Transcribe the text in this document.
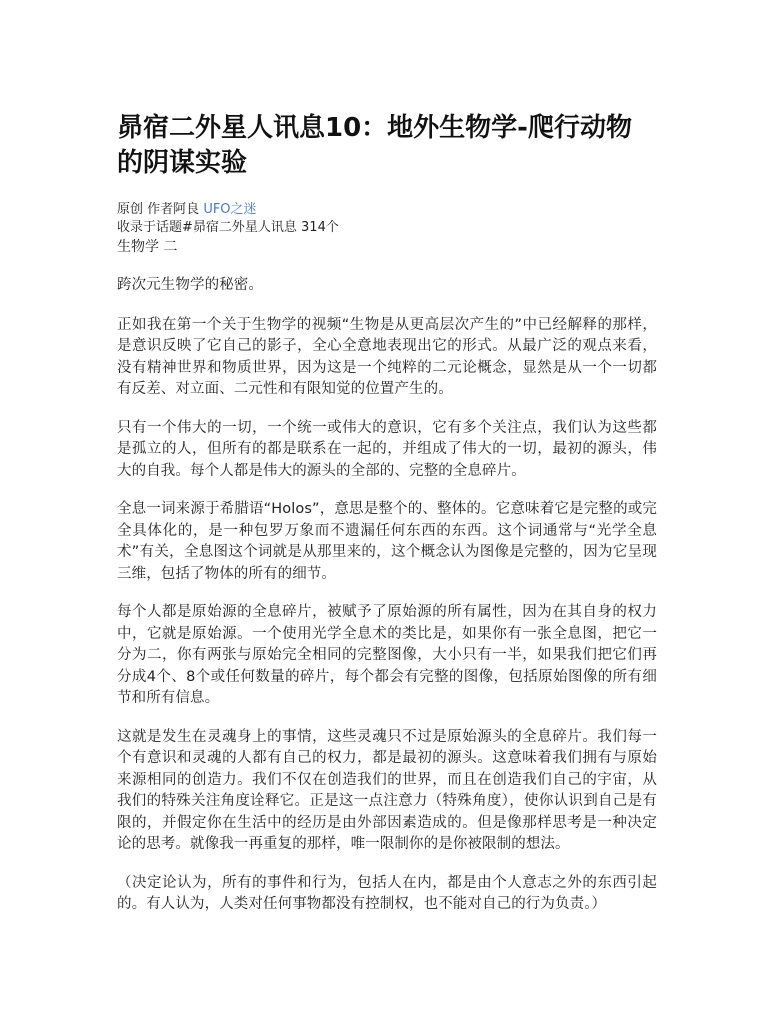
昴宿二外星人讯息10：地外生物学-爬行动物的阴谋实验
原创 作者阿良 UFO之迷
收录于话题#昴宿二外星人讯息 314个
生物学 二

跨次元生物学的秘密。

正如我在第一个关于生物学的视频“生物是从更高层次产生的”中已经解释的那样，是意识反映了它自己的影子，全心全意地表现出它的形式。从最广泛的观点来看，没有精神世界和物质世界，因为这是一个纯粹的二元论概念，显然是从一个一切都有反差、对立面、二元性和有限知觉的位置产生的。

只有一个伟大的一切，一个统一或伟大的意识，它有多个关注点，我们认为这些都是孤立的人，但所有的都是联系在一起的，并组成了伟大的一切，最初的源头，伟大的自我。每个人都是伟大的源头的全部的、完整的全息碎片。

全息一词来源于希腊语“Holos”，意思是整个的、整体的。它意味着它是完整的或完全具体化的，是一种包罗万象而不遗漏任何东西的东西。这个词通常与“光学全息术”有关，全息图这个词就是从那里来的，这个概念认为图像是完整的，因为它呈现三维，包括了物体的所有的细节。

每个人都是原始源的全息碎片，被赋予了原始源的所有属性，因为在其自身的权力中，它就是原始源。一个使用光学全息术的类比是，如果你有一张全息图，把它一分为二，你有两张与原始完全相同的完整图像，大小只有一半，如果我们把它们再分成4个、8个或任何数量的碎片，每个都会有完整的图像，包括原始图像的所有细节和所有信息。

这就是发生在灵魂身上的事情，这些灵魂只不过是原始源头的全息碎片。我们每一个有意识和灵魂的人都有自己的权力，都是最初的源头。这意味着我们拥有与原始来源相同的创造力。我们不仅在创造我们的世界，而且在创造我们自己的宇宙，从我们的特殊关注角度诠释它。正是这一点注意力（特殊角度），使你认识到自己是有限的，并假定你在生活中的经历是由外部因素造成的。但是像那样思考是一种决定论的思考。就像我一再重复的那样，唯一限制你的是你被限制的想法。

（决定论认为，所有的事件和行为，包括人在内，都是由个人意志之外的东西引起的。有人认为，人类对任何事物都没有控制权，也不能对自己的行为负责。）
